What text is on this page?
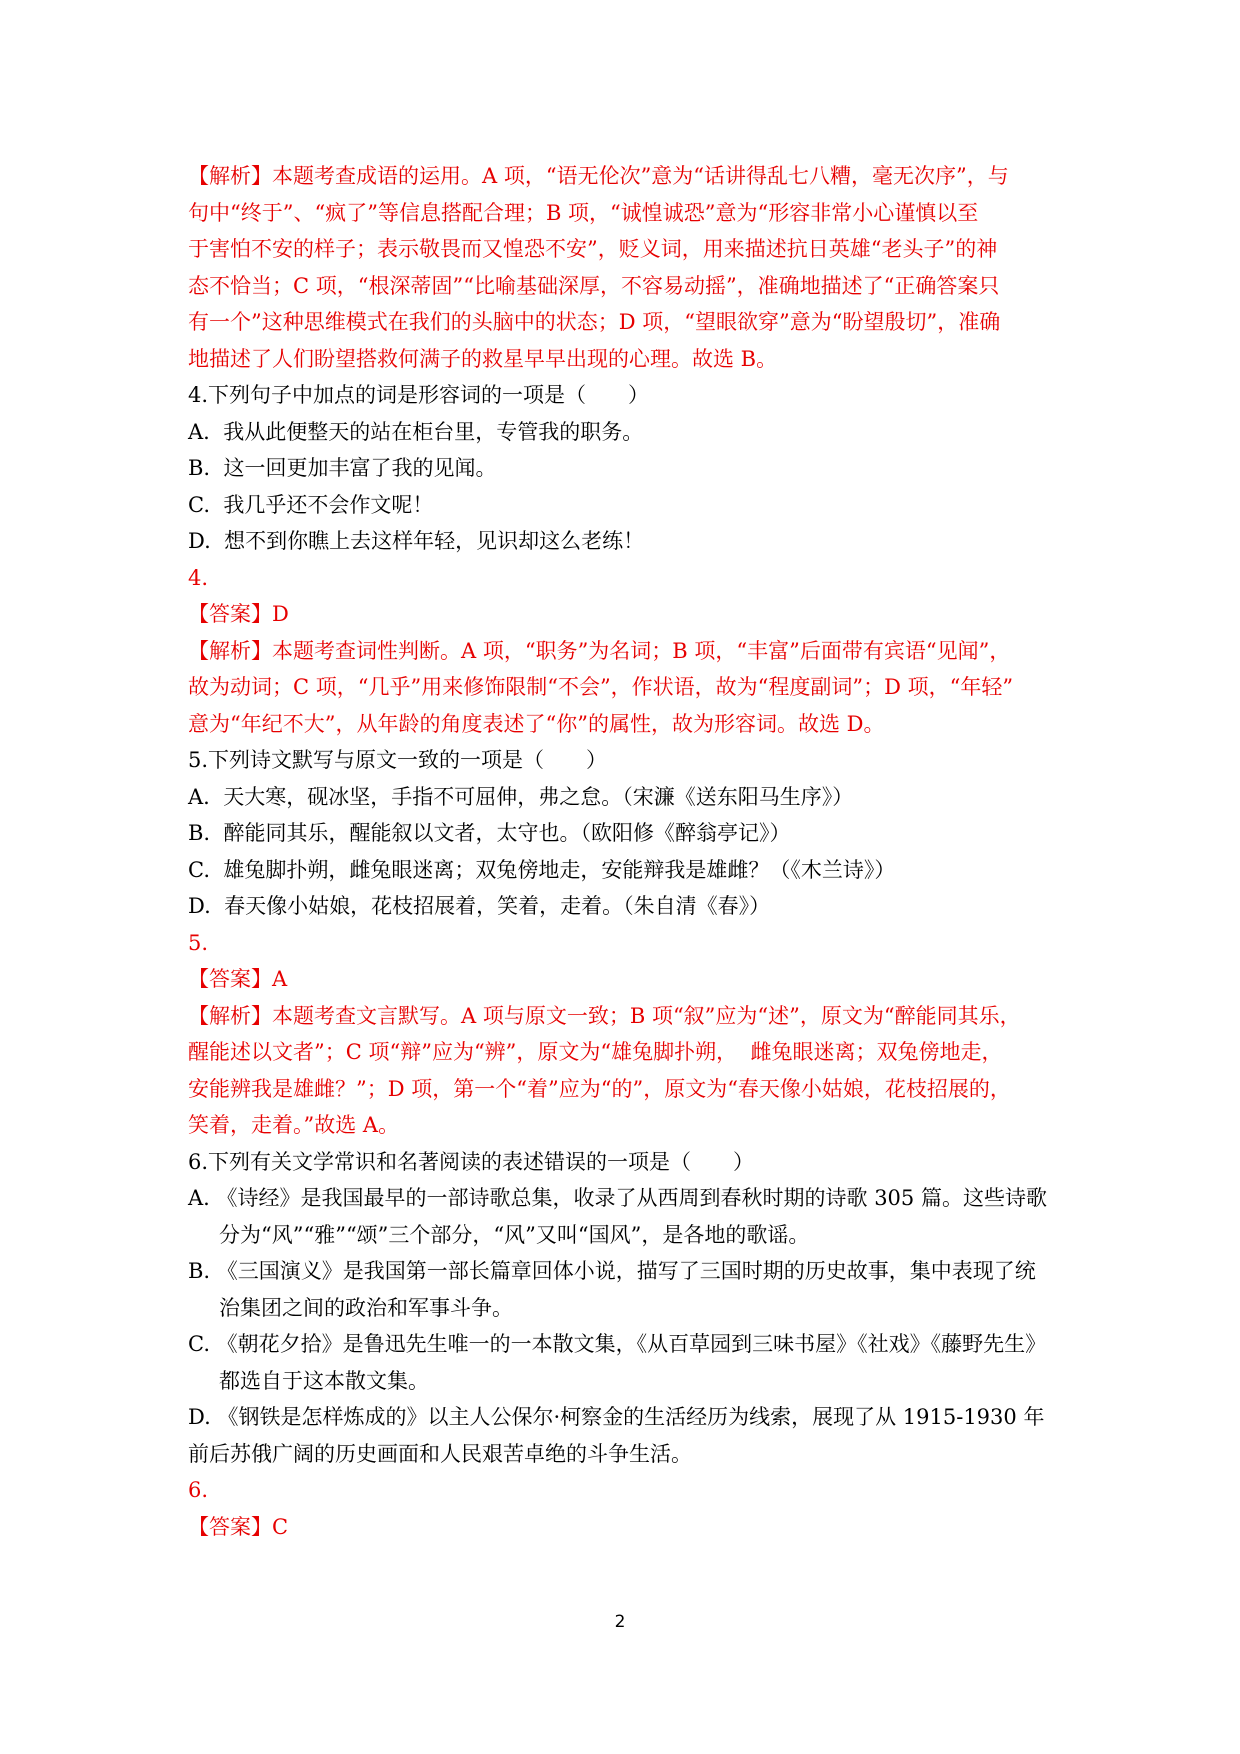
【解析】本题考查成语的运用。A 项，“语无伦次”意为“话讲得乱七八糟，毫无次序”，与
句中“终于”、“疯了”等信息搭配合理；B 项，“诚惶诚恐”意为“形容非常小心谨慎以至
于害怕不安的样子；表示敬畏而又惶恐不安”，贬义词，用来描述抗日英雄“老头子”的神
态不恰当；C 项，“根深蒂固”“比喻基础深厚，不容易动摇”，准确地描述了“正确答案只
有一个”这种思维模式在我们的头脑中的状态；D 项，“望眼欲穿”意为“盼望殷切”，准确
地描述了人们盼望搭救何满子的救星早早出现的心理。故选 B。
4.下列句子中加点的词是形容词的一项是（　　）
A.  我从此便整天的站在柜台里，专管我的职务。
B.  这一回更加丰富了我的见闻。
C.  我几乎还不会作文呢！
D.  想不到你瞧上去这样年轻，见识却这么老练！
4.
【答案】D
【解析】本题考查词性判断。A 项，“职务”为名词；B 项，“丰富”后面带有宾语“见闻”，
故为动词；C 项，“几乎”用来修饰限制“不会”，作状语，故为“程度副词”；D 项，“年轻”
意为“年纪不大”，从年龄的角度表述了“你”的属性，故为形容词。故选 D。
5.下列诗文默写与原文一致的一项是（　　）
A.  天大寒，砚冰坚，手指不可屈伸，弗之怠。（宋濂《送东阳马生序》）
B.  醉能同其乐，醒能叙以文者，太守也。（欧阳修《醉翁亭记》）
C.  雄兔脚扑朔，雌兔眼迷离；双兔傍地走，安能辩我是雄雌？（《木兰诗》）
D.  春天像小姑娘，花枝招展着，笑着，走着。（朱自清《春》）
5.
【答案】A
【解析】本题考查文言默写。A 项与原文一致；B 项“叙”应为“述”，原文为“醉能同其乐，
醒能述以文者”；C 项“辩”应为“辨”，原文为“雄兔脚扑朔，  雌兔眼迷离；双兔傍地走，
安能辨我是雄雌？”；D 项，第一个“着”应为“的”，原文为“春天像小姑娘，花枝招展的，
笑着，走着。”故选 A。
6.下列有关文学常识和名著阅读的表述错误的一项是（　　）
A. 《诗经》是我国最早的一部诗歌总集，收录了从西周到春秋时期的诗歌 305 篇。这些诗歌
分为“风”“雅”“颂”三个部分，“风”又叫“国风”，是各地的歌谣。
B. 《三国演义》是我国第一部长篇章回体小说，描写了三国时期的历史故事，集中表现了统
治集团之间的政治和军事斗争。
C. 《朝花夕拾》是鲁迅先生唯一的一本散文集，《从百草园到三味书屋》《社戏》《藤野先生》
都选自于这本散文集。
D. 《钢铁是怎样炼成的》以主人公保尔·柯察金的生活经历为线索，展现了从 1915-1930 年
前后苏俄广阔的历史画面和人民艰苦卓绝的斗争生活。
6.
【答案】C
2
